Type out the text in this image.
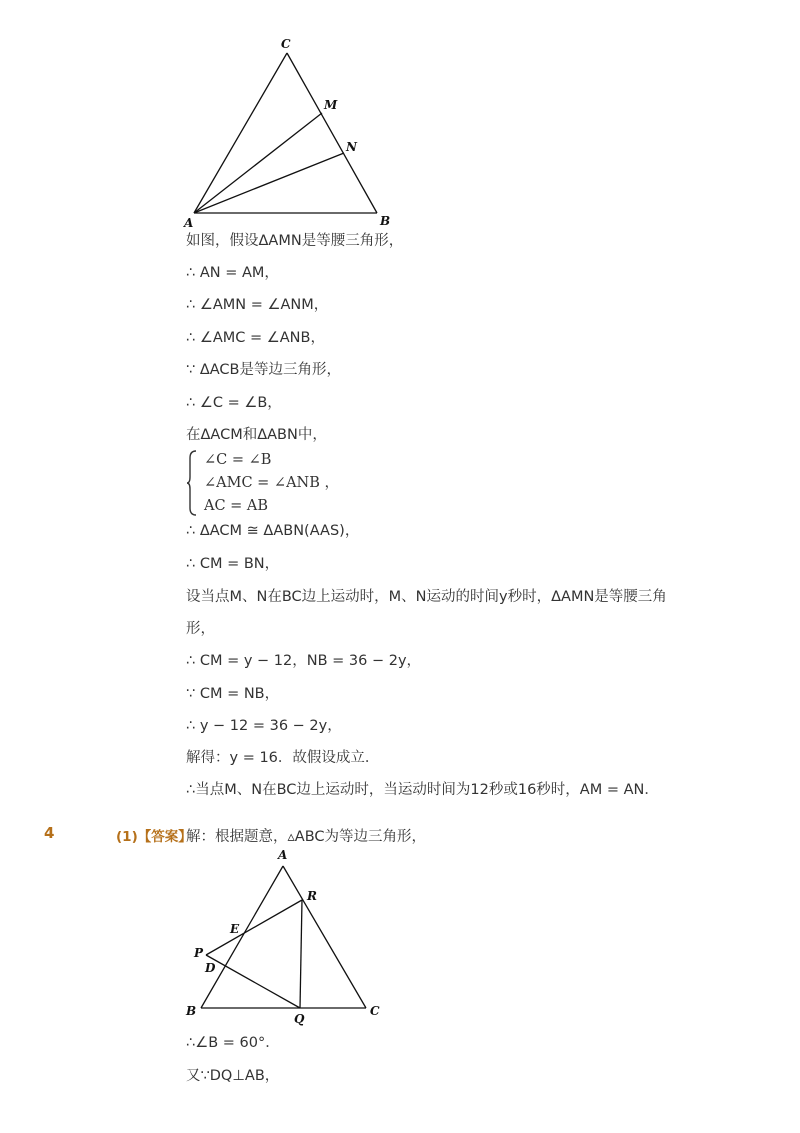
C
M
N
A	B
如图，假设ΔAMN是等腰三角形，
∴ AN = AM，
∴ ∠AMN = ∠ANM，
∴ ∠AMC = ∠ANB，
∵ ΔACB是等边三角形，
∴ ∠C = ∠B，
在ΔACM和ΔABN中，
∠C = ∠B
∠AMC = ∠ANB ，
AC = AB
∴ ΔACM ≅ ΔABN(AAS)，
∴ CM = BN，
设当点M、N在BC边上运动时，M、N运动的时间y秒时，ΔAMN是等腰三角
形，
∴ CM = y − 12，NB = 36 − 2y，
∵ CM = NB，
∴ y − 12 = 36 − 2y，
解得：y = 16．故假设成立．
∴当点M、N在BC边上运动时，当运动时间为12秒或16秒时，AM = AN．
4	(1)【答案】
解：根据题意，▵ABC为等边三角形，
A
R
E
P
D
B
Q
C
∴∠B = 60°．
又∵DQ⊥AB，
